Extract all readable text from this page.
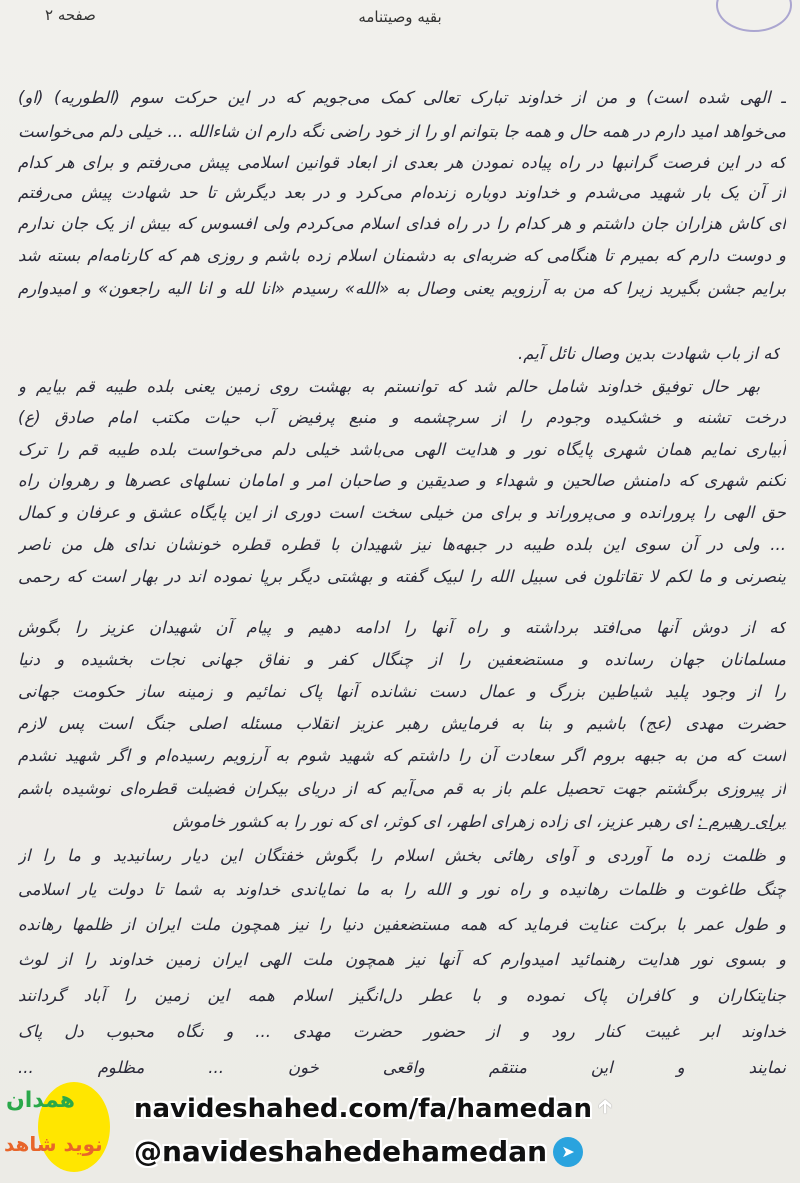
بقیه وصیتنامه
صفحه ۲
ـ الهی شده است) و من از خداوند تبارک تعالی کمک می‌جویم که در این حرکت سوم (الطوریه) (او)
می‌خواهد امید دارم در همه حال و همه جا بتوانم او را از خود راضی نگه دارم ان شاءالله ... خیلی دلم می‌خواست
که در این فرصت گرانبها در راه پیاده نمودن هر بعدی از ابعاد قوانین اسلامی پیش می‌رفتم و برای هر کدام
از آن یک بار شهید می‌شدم و خداوند دوباره زنده‌ام می‌کرد و در بعد دیگرش تا حد شهادت پیش می‌رفتم
ای کاش هزاران جان داشتم و هر کدام را در راه فدای اسلام می‌کردم ولی افسوس که بیش از یک جان ندارم
و دوست دارم که بمیرم تا هنگامی که ضربه‌ای به دشمنان اسلام زده باشم و روزی هم که کارنامه‌ام بسته شد
برایم جشن بگیرید زیرا که من به آرزویم یعنی وصال به «الله» رسیدم «انا لله و انا الیه راجعون» و امیدوارم
که از باب شهادت بدین وصال نائل آیم.
بهر حال توفیق خداوند شامل حالم شد که توانستم به بهشت روی زمین یعنی بلده طیبه قم بیایم و
درخت تشنه و خشکیده وجودم را از سرچشمه و منبع پرفیض آب حیات مکتب امام صادق (ع)
آبیاری نمایم همان شهری پایگاه نور و هدایت الهی می‌باشد خیلی دلم می‌خواست بلده طیبه قم را ترک
نکنم شهری که دامنش صالحین و شهداء و صدیقین و صاحبان امر و امامان نسلهای عصرها و رهروان راه
حق الهی را پرورانده و می‌پروراند و برای من خیلی سخت است دوری از این پایگاه عشق و عرفان و کمال
... ولی در آن سوی این بلده طیبه در جبهه‌ها نیز شهیدان با قطره قطره خونشان ندای هل من ناصر
ینصرنی و ما لکم لا تقاتلون فی سبیل الله را لبیک گفته و بهشتی دیگر برپا نموده اند در بهار است که رحمی
که از دوش آنها می‌افتد برداشته و راه آنها را ادامه دهیم و پیام آن شهیدان عزیز را بگوش
مسلمانان جهان رسانده و مستضعفین را از چنگال کفر و نفاق جهانی نجات بخشیده و دنیا
را از وجود پلید شیاطین بزرگ و عمال دست نشانده آنها پاک نمائیم و زمینه ساز حکومت جهانی
حضرت مهدی (عج) باشیم و بنا به فرمایش رهبر عزیز انقلاب مسئله اصلی جنگ است پس لازم
است که من به جبهه بروم اگر سعادت آن را داشتم که شهید شوم به آرزویم رسیده‌ام و اگر شهید نشدم
از پیروزی برگشتم جهت تحصیل علم باز به قم می‌آیم که از دریای بیکران فضیلت قطره‌ای نوشیده باشم
برای رهبرم : ای رهبر عزیز، ای زاده زهرای اطهر، ای کوثر، ای که نور را به کشور خاموش
و ظلمت زده ما آوردی و آوای رهائی بخش اسلام را بگوش خفتگان این دیار رسانیدید و ما را از
چنگ طاغوت و ظلمات رهانیده و راه نور و الله را به ما نمایاندی خداوند به شما تا دولت یار اسلامی
و طول عمر با برکت عنایت فرماید که همه مستضعفین دنیا را نیز همچون ملت ایران از ظلمها رهانده
و بسوی نور هدایت رهنمائید امیدوارم که آنها نیز همچون ملت الهی ایران زمین خداوند را از لوث
جنایتکاران و کافران پاک نموده و با عطر دل‌انگیز اسلام همه این زمین را آباد گردانند
خداوند ابر غیبت کنار رود و از حضور حضرت مهدی ... و نگاه محبوب دل پاک
نمایند و این منتقم واقعی خون ... مظلوم ...
همدان
نوید شاهد
navideshahed.com/fa/hamedan 🡱
@navideshahedehamedan ➤
